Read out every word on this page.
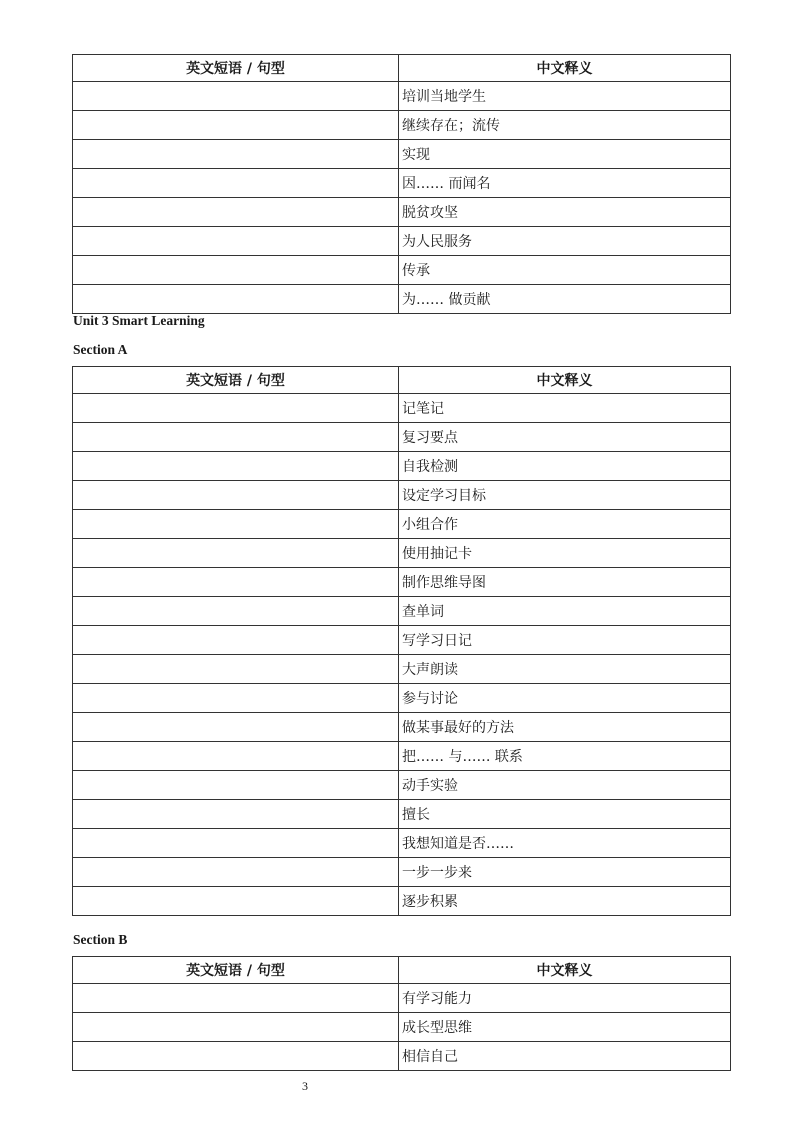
英文短语 / 句型	中文释义
	培训当地学生
	继续存在；流传
	实现
	因…… 而闻名
	脱贫攻坚
	为人民服务
	传承
	为…… 做贡献
Unit 3 Smart Learning
Section A
英文短语 / 句型	中文释义
	记笔记
	复习要点
	自我检测
	设定学习目标
	小组合作
	使用抽记卡
	制作思维导图
	查单词
	写学习日记
	大声朗读
	参与讨论
	做某事最好的方法
	把…… 与…… 联系
	动手实验
	擅长
	我想知道是否……
	一步一步来
	逐步积累
Section B
英文短语 / 句型	中文释义
	有学习能力
	成长型思维
	相信自己
3
